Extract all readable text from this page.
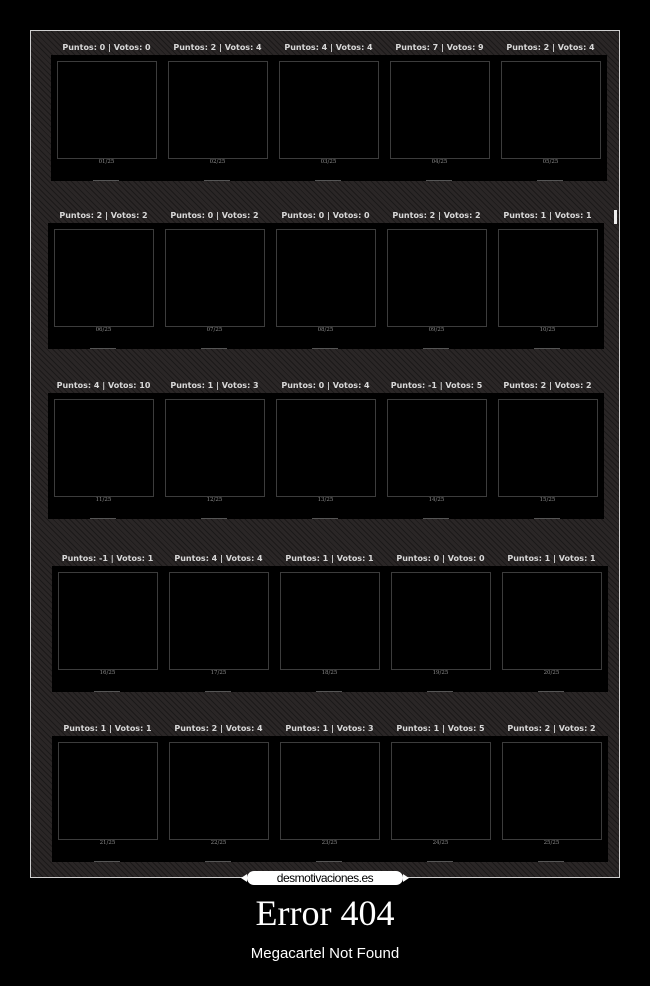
Puntos: 0 | Votos: 0
01/25
Puntos: 2 | Votos: 4
02/25
Puntos: 4 | Votos: 4
03/25
Puntos: 7 | Votos: 9
04/25
Puntos: 2 | Votos: 4
05/25
Puntos: 2 | Votos: 2
06/25
Puntos: 0 | Votos: 2
07/25
Puntos: 0 | Votos: 0
08/25
Puntos: 2 | Votos: 2
09/25
Puntos: 1 | Votos: 1
10/25
Puntos: 4 | Votos: 10
11/25
Puntos: 1 | Votos: 3
12/25
Puntos: 0 | Votos: 4
13/25
Puntos: -1 | Votos: 5
14/25
Puntos: 2 | Votos: 2
15/25
Puntos: -1 | Votos: 1
16/25
Puntos: 4 | Votos: 4
17/25
Puntos: 1 | Votos: 1
18/25
Puntos: 0 | Votos: 0
19/25
Puntos: 1 | Votos: 1
20/25
Puntos: 1 | Votos: 1
21/25
Puntos: 2 | Votos: 4
22/25
Puntos: 1 | Votos: 3
23/25
Puntos: 1 | Votos: 5
24/25
Puntos: 2 | Votos: 2
25/25
desmotivaciones.es
Error 404
Megacartel Not Found
